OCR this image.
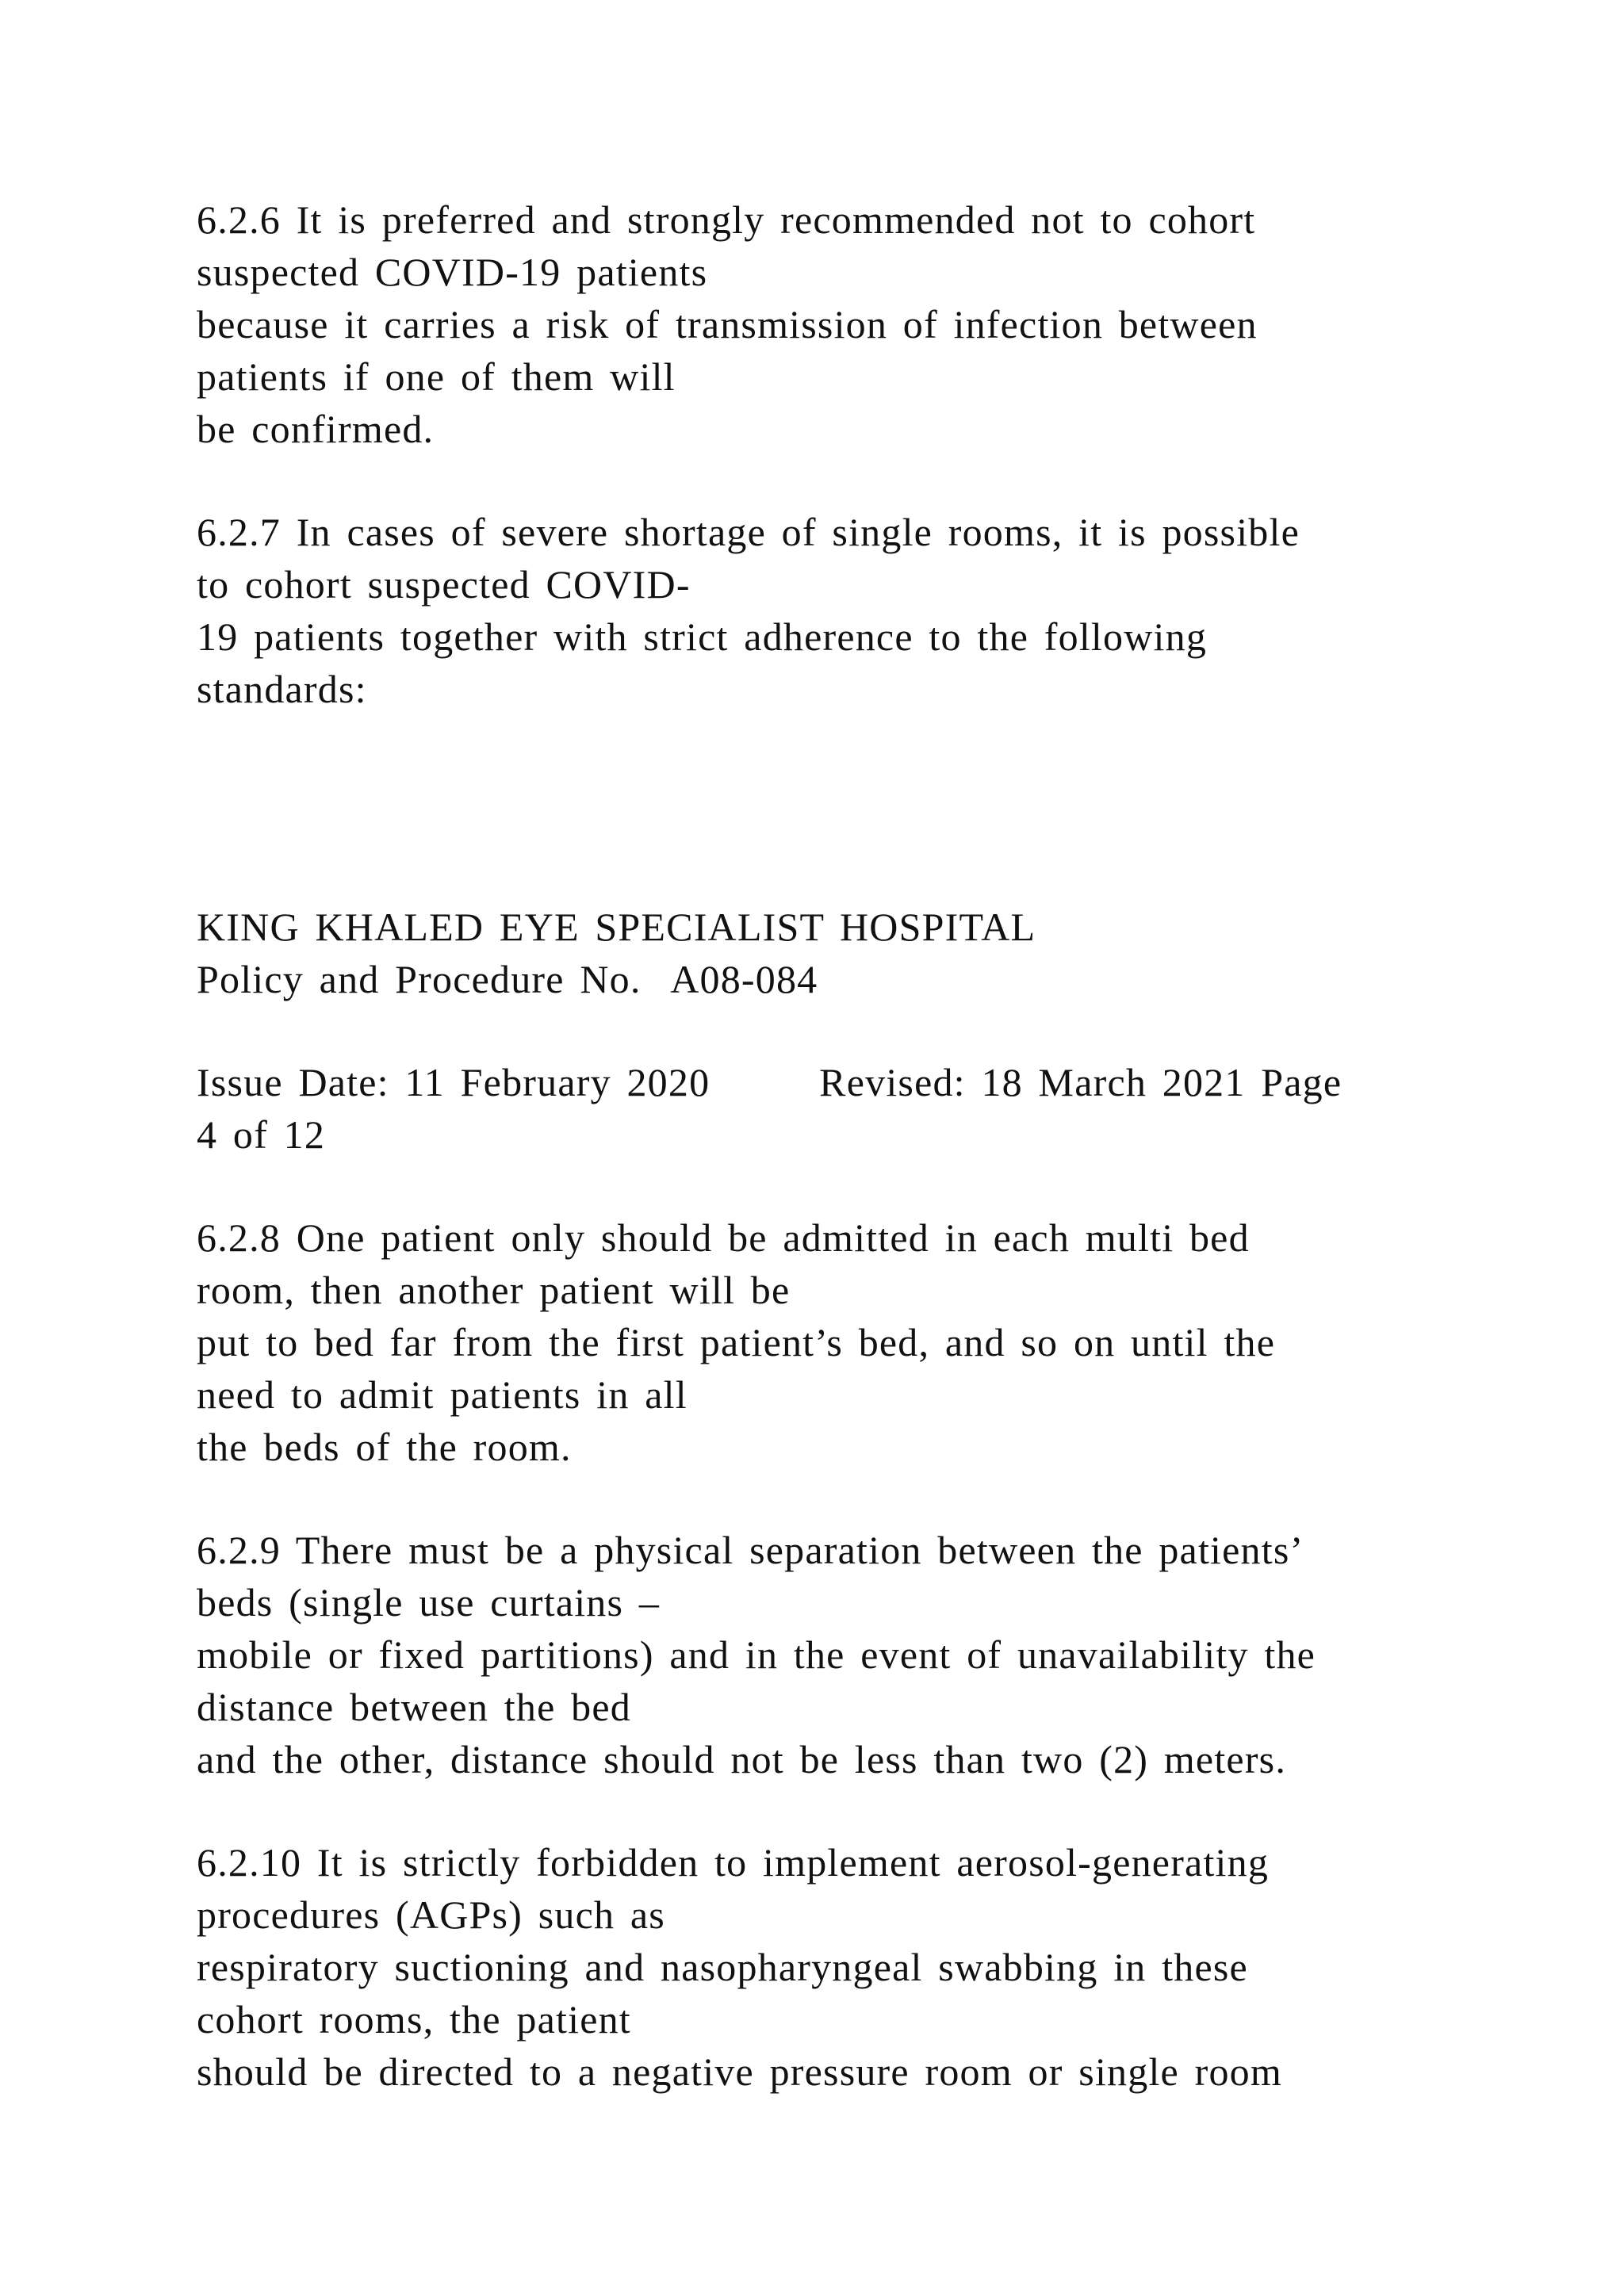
6.2.6 It is preferred and strongly recommended not to cohort
suspected COVID-19 patients
because it carries a risk of transmission of infection between
patients if one of them will
be confirmed.
6.2.7 In cases of severe shortage of single rooms, it is possible
to cohort suspected COVID-
19 patients together with strict adherence to the following
standards:
KING KHALED EYE SPECIALIST HOSPITAL
Policy and Procedure No.  A08-084
Issue Date: 11 February 2020       Revised: 18 March 2021 Page
4 of 12
6.2.8 One patient only should be admitted in each multi bed
room, then another patient will be
put to bed far from the first patient’s bed, and so on until the
need to admit patients in all
the beds of the room.
6.2.9 There must be a physical separation between the patients’
beds (single use curtains –
mobile or fixed partitions) and in the event of unavailability the
distance between the bed
and the other, distance should not be less than two (2) meters.
6.2.10 It is strictly forbidden to implement aerosol-generating
procedures (AGPs) such as
respiratory suctioning and nasopharyngeal swabbing in these
cohort rooms, the patient
should be directed to a negative pressure room or single room
